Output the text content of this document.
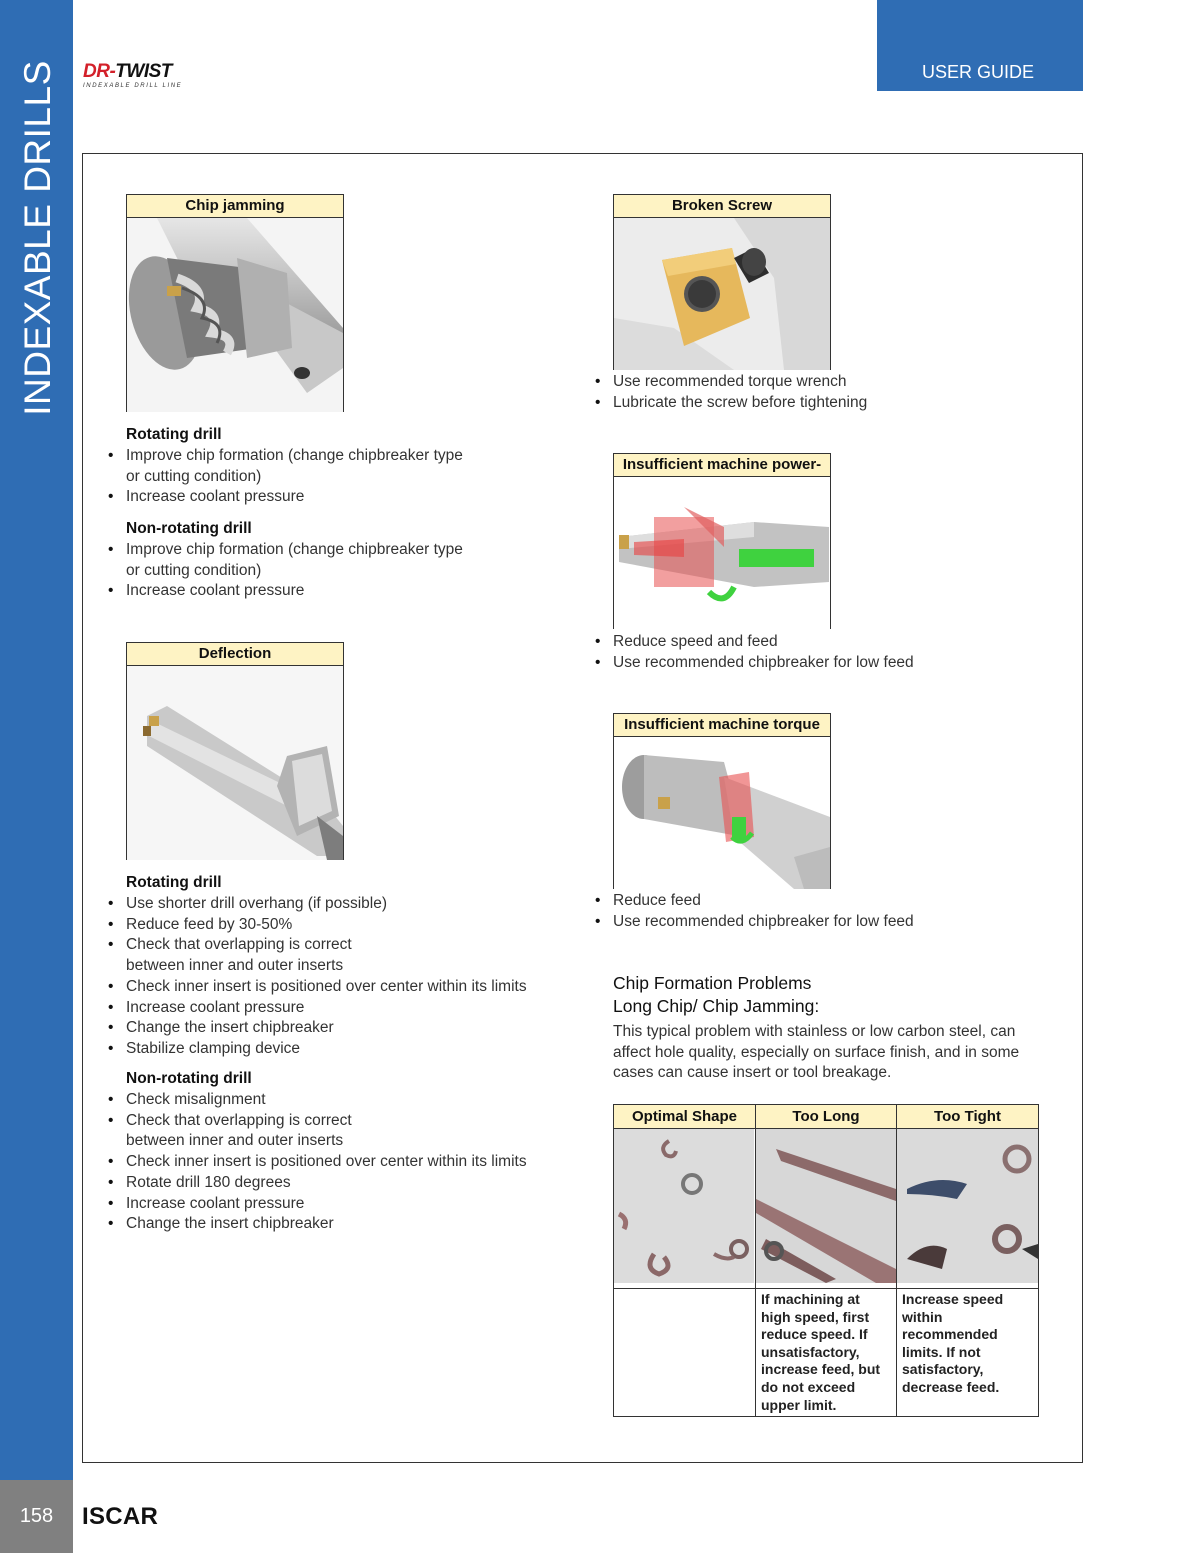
INDEXABLE DRILLS
158
USER GUIDE
DR-TWIST
INDEXABLE DRILL LINE
Chip jamming
Rotating drill
• Improve chip formation (change chipbreaker type or cutting condition)
• Increase coolant pressure
Non-rotating drill
• Improve chip formation (change chipbreaker type or cutting condition)
• Increase coolant pressure
Deflection
Rotating drill
• Use shorter drill overhang (if possible)
• Reduce feed by 30-50%
• Check that overlapping is correct between inner and outer inserts
• Check inner insert is positioned over center within its limits
• Increase coolant pressure
• Change the insert chipbreaker
• Stabilize clamping device
Non-rotating drill
• Check misalignment
• Check that overlapping is correct between inner and outer inserts
• Check inner insert is positioned over center within its limits
• Rotate drill 180 degrees
• Increase coolant pressure
• Change the insert chipbreaker
Broken Screw
• Use recommended torque wrench
• Lubricate the screw before tightening
Insufficient machine power-
• Reduce speed and feed
• Use recommended chipbreaker for low feed
Insufficient machine torque
• Reduce feed
• Use recommended chipbreaker for low feed
Chip Formation Problems
Long Chip/ Chip Jamming:
This typical problem with stainless or low carbon steel, can affect hole quality, especially on surface finish, and in some cases can cause insert or tool breakage.
Optimal Shape	Too Long	Too Tight

	If machining at high speed, first reduce speed. If unsatisfactory, increase feed, but do not exceed upper limit.	Increase speed within recommended limits. If not satisfactory, decrease feed.
ISCAR
